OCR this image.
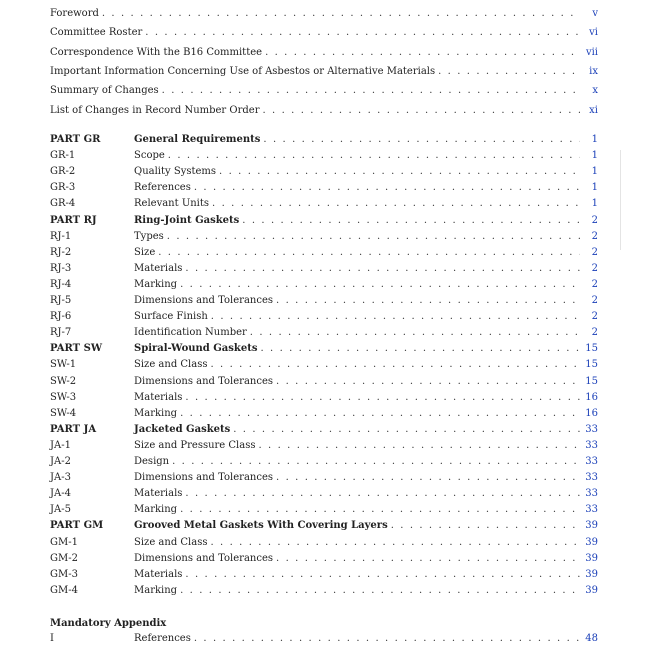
Foreword . . .	v
Committee Roster . . .	vi
Correspondence With the B16 Committee . . .	vii
Important Information Concerning Use of Asbestos or Alternative Materials . . .	ix
Summary of Changes . . .	x
List of Changes in Record Number Order . . .	xi
PART GR	General Requirements . . .	1
GR-1	Scope . . .	1
GR-2	Quality Systems . . .	1
GR-3	References . . .	1
GR-4	Relevant Units . . .	1
PART RJ	Ring-Joint Gaskets . . .	2
RJ-1	Types . . .	2
RJ-2	Size . . .	2
RJ-3	Materials . . .	2
RJ-4	Marking . . .	2
RJ-5	Dimensions and Tolerances . . .	2
RJ-6	Surface Finish . . .	2
RJ-7	Identification Number . . .	2
PART SW	Spiral-Wound Gaskets . . .	15
SW-1	Size and Class . . .	15
SW-2	Dimensions and Tolerances . . .	15
SW-3	Materials . . .	16
SW-4	Marking . . .	16
PART JA	Jacketed Gaskets . . .	33
JA-1	Size and Pressure Class . . .	33
JA-2	Design . . .	33
JA-3	Dimensions and Tolerances . . .	33
JA-4	Materials . . .	33
JA-5	Marking . . .	33
PART GM	Grooved Metal Gaskets With Covering Layers . . .	39
GM-1	Size and Class . . .	39
GM-2	Dimensions and Tolerances . . .	39
GM-3	Materials . . .	39
GM-4	Marking . . .	39
Mandatory Appendix
I	References . . .	48
